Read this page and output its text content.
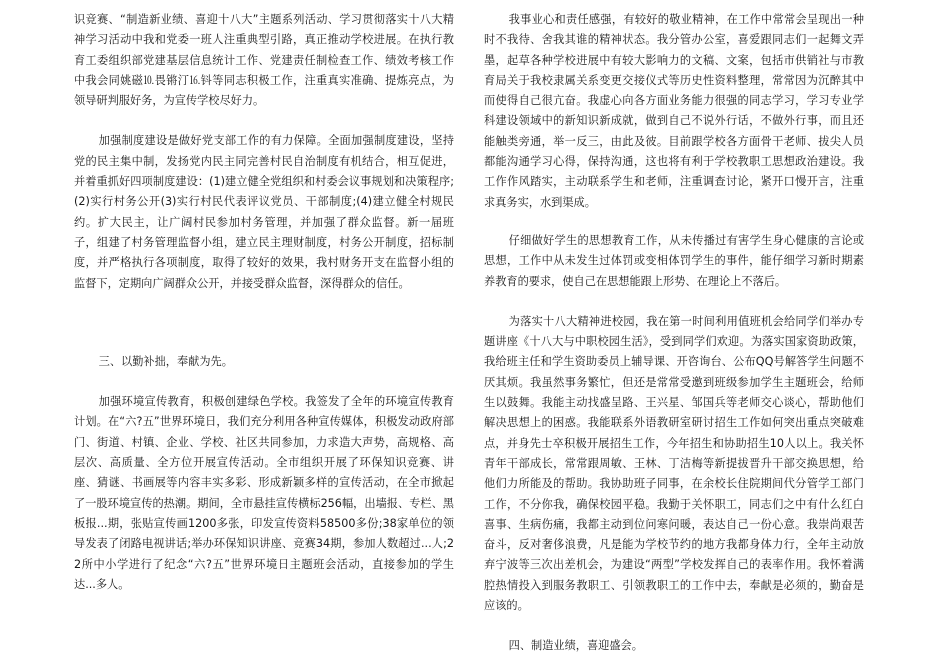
识竞赛、“制造新业绩、喜迎十八大”主题系列活动、学习贯彻落实十八大精神学习活动中我和党委一班人注重典型引路，真正推动学校进展。在执行教育工委组织部党建基层信息统计工作、党建责任制检查工作、绩效考核工作中我会同姚磁⒑畏锵汀⒗钭等同志积极工作，注重真实准确、提炼亮点，为领导研判服好务，为宣传学校尽好力。

加强制度建设是做好党支部工作的有力保障。全面加强制度建设，坚持党的民主集中制，发扬党内民主同完善村民自治制度有机结合，相互促进，并着重抓好四项制度建设：(1)建立健全党组织和村委会议事规划和决策程序;(2)实行村务公开(3)实行村民代表评议党员、干部制度;(4)建立健全村规民约。扩大民主，让广阔村民参加村务管理，并加强了群众监督。新一届班子，组建了村务管理监督小组，建立民主理财制度，村务公开制度，招标制度，并严格执行各项制度，取得了较好的效果，我村财务开支在监督小组的监督下，定期向广阔群众公开，并接受群众监督，深得群众的信任。

三、以勤补拙，奉献为先。

加强环境宣传教育，积极创建绿色学校。我签发了全年的环境宣传教育计划。在“六?五”世界环境日，我们充分利用各种宣传媒体，积极发动政府部门、街道、村镇、企业、学校、社区共同参加，力求造大声势，高规格、高层次、高质量、全方位开展宣传活动。全市组织开展了环保知识竞赛、讲座、猜谜、书画展等内容丰实多彩、形成新颖多样的宣传活动，在全市掀起了一股环境宣传的热潮。期间，全市悬挂宣传横标256幅，出墙报、专栏、黑板报...期，张贴宣传画1200多张，印发宣传资料58500多份;38家单位的领导发表了闭路电视讲话;举办环保知识讲座、竞赛34期，参加人数超过...人;22所中小学进行了纪念“六?五”世界环境日主题班会活动，直接参加的学生达...多人。

我事业心和责任感强，有较好的敬业精神，在工作中常常会呈现出一种时不我待、舍我其谁的精神状态。我分管办公室，喜爱跟同志们一起舞文弄墨，起草各种学校进展中有较大影响力的文稿、文案，包括市供销社与市教育局关于我校隶属关系变更交接仪式等历史性资料整理，常常因为沉醉其中而使得自己很亢奋。我虚心向各方面业务能力很强的同志学习，学习专业学科建设领域中的新知识新成就，做到自己不说外行话，不做外行事，而且还能触类旁通，举一反三，由此及彼。目前跟学校各方面骨干老师、拔尖人员都能沟通学习心得，保持沟通，这也将有利于学校教职工思想政治建设。我工作作风踏实，主动联系学生和老师，注重调查讨论，紧开口慢开言，注重求真务实，水到渠成。

仔细做好学生的思想教育工作，从未传播过有害学生身心健康的言论或思想，工作中从未发生过体罚或变相体罚学生的事件，能仔细学习新时期素养教育的要求，使自己在思想能跟上形势、在理论上不落后。

为落实十八大精神进校园，我在第一时间利用值班机会给同学们举办专题讲座《十八大与中职校园生活》，受到同学们欢迎。为落实国家资助政策，我给班主任和学生资助委员上辅导课、开咨询台、公布QQ号解答学生问题不厌其烦。我虽然事务繁忙，但还是常常受邀到班级参加学生主题班会，给师生以鼓舞。我能主动找盛呈路、王兴星、邹国兵等老师交心谈心，帮助他们解决思想上的困惑。我能联系外语教研室研讨招生工作如何突出重点突破难点，并身先士卒积极开展招生工作，今年招生和协助招生10人以上。我关怀青年干部成长，常常跟周敏、王林、丁洁梅等新提拔晋升干部交换思想，给他们力所能及的帮助。我协助班子同事，在余校长住院期间代分管学工部门工作，不分你我，确保校园平稳。我勤于关怀职工，同志们之中有什么红白喜事、生病伤痛，我都主动到位问寒问暖，表达自己一份心意。我崇尚艰苦奋斗，反对奢侈浪费，凡是能为学校节约的地方我都身体力行，全年主动放弃宁波等三次出差机会，为建设“两型”学校发挥自己的表率作用。我怀着满腔热情投入到服务教职工、引领教职工的工作中去，奉献是必须的，勤奋是应该的。

四、制造业绩，喜迎盛会。
